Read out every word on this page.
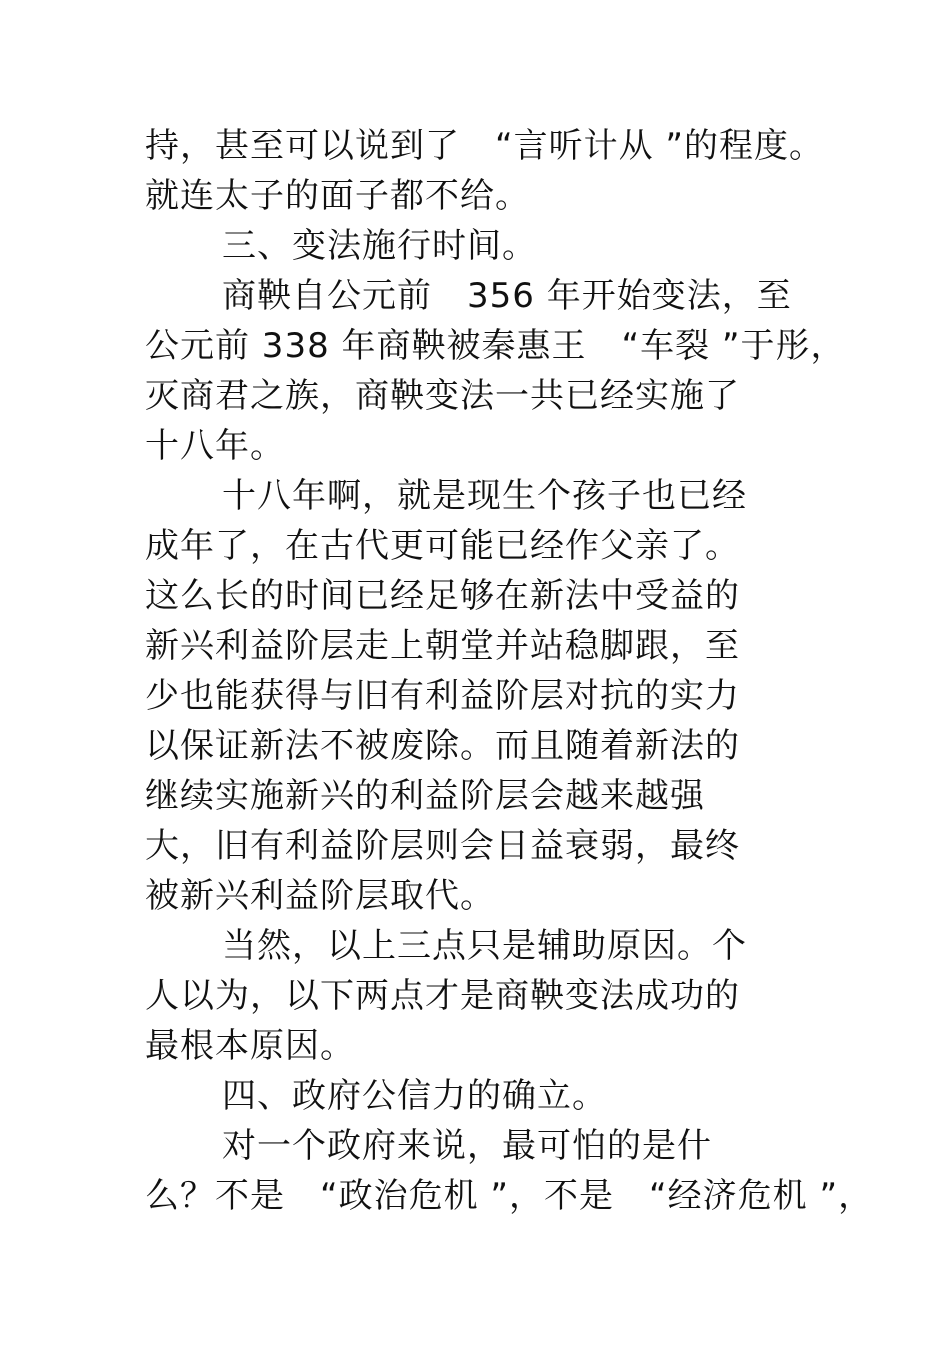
持，甚至可以说到了　“言听计从 ”的程度。
就连太子的面子都不给。
三、变法施行时间。
商鞅自公元前　356 年开始变法，至
公元前 338 年商鞅被秦惠王　“车裂 ”于彤，
灭商君之族，商鞅变法一共已经实施了
十八年。
十八年啊，就是现生个孩子也已经
成年了，在古代更可能已经作父亲了。
这么长的时间已经足够在新法中受益的
新兴利益阶层走上朝堂并站稳脚跟，至
少也能获得与旧有利益阶层对抗的实力
以保证新法不被废除。而且随着新法的
继续实施新兴的利益阶层会越来越强
大，旧有利益阶层则会日益衰弱，最终
被新兴利益阶层取代。
当然，以上三点只是辅助原因。个
人以为，以下两点才是商鞅变法成功的
最根本原因。
四、政府公信力的确立。
对一个政府来说，最可怕的是什
么？不是　“政治危机 ”，不是　“经济危机 ”，
